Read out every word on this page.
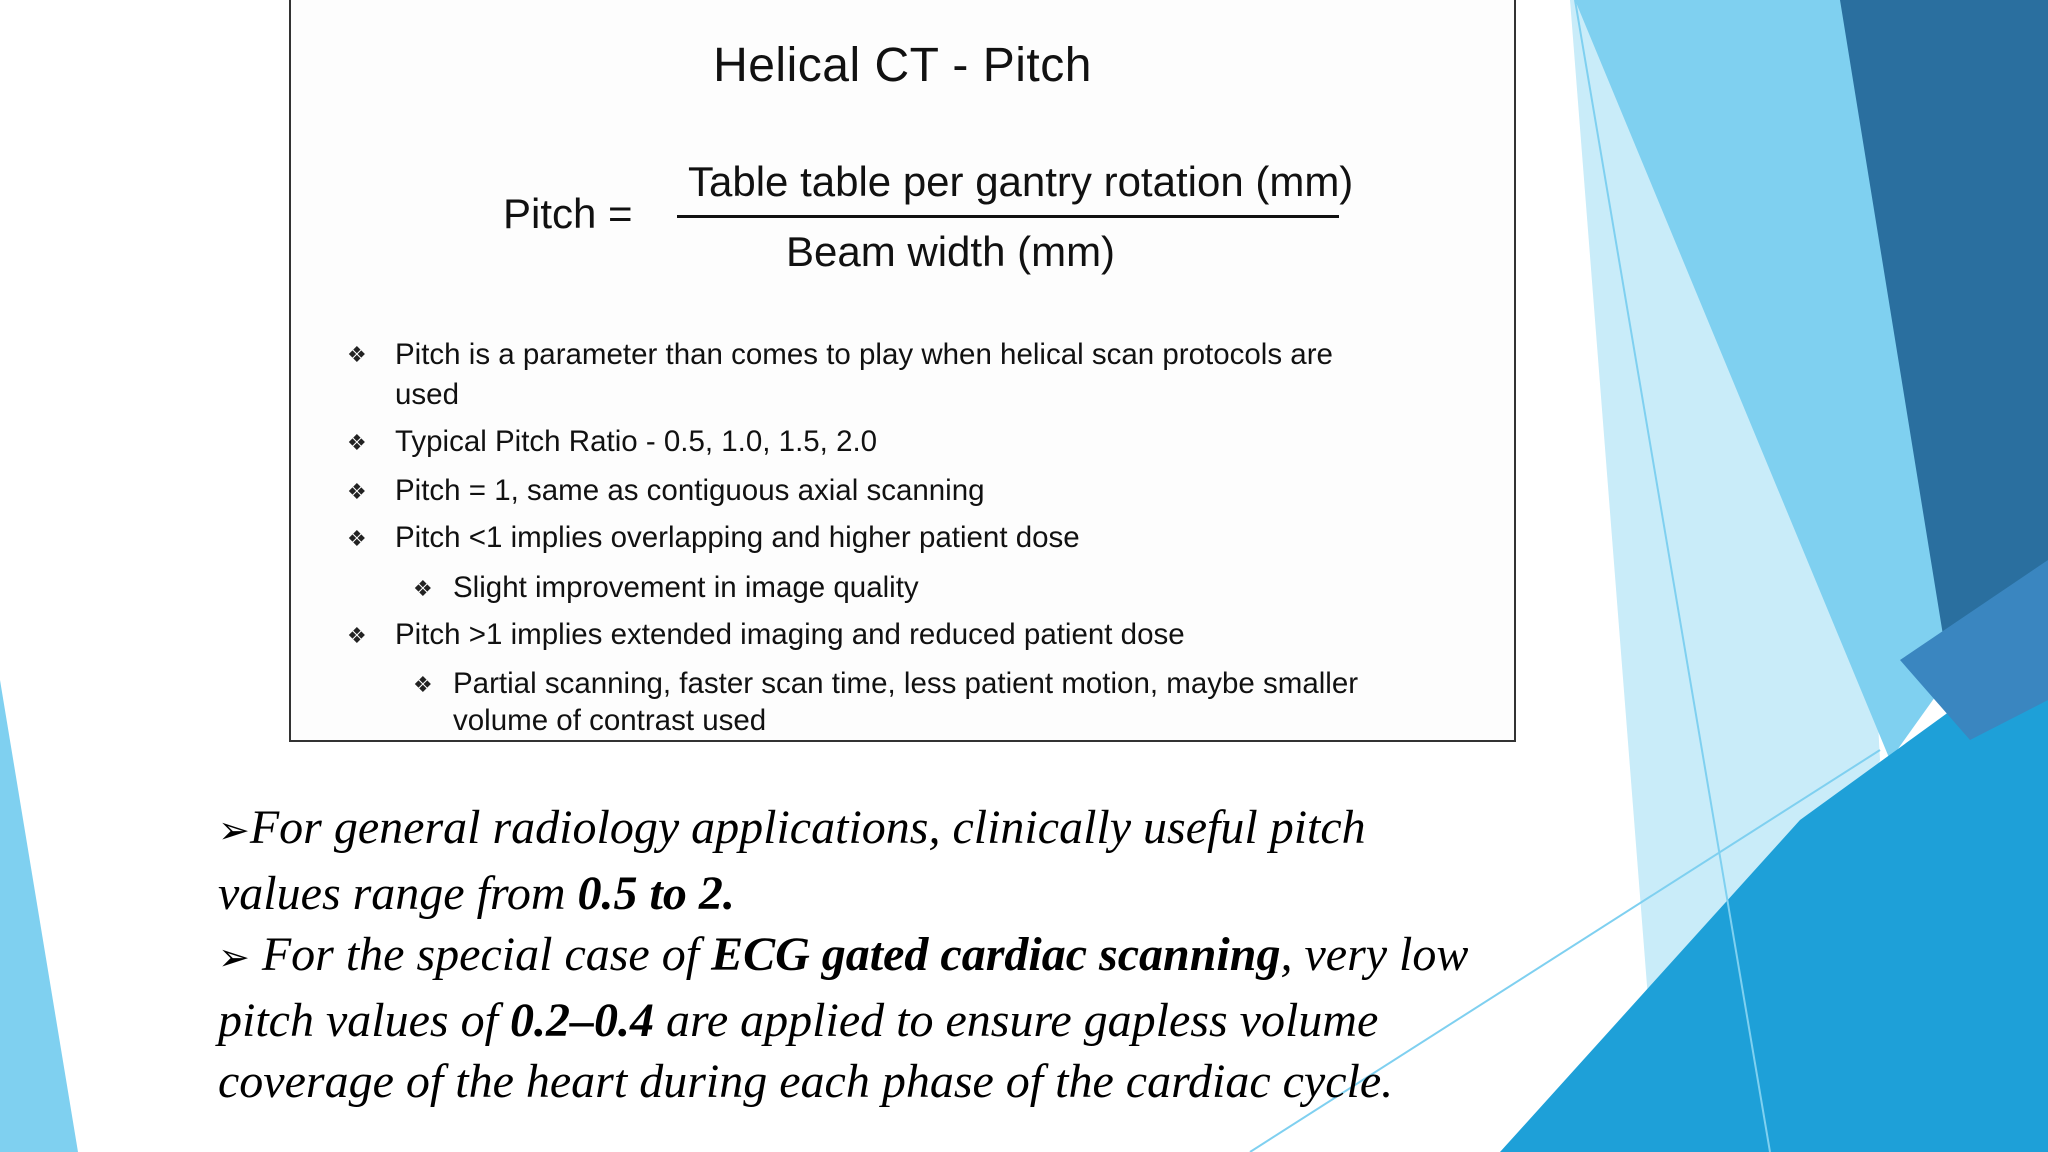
Helical CT - Pitch
Pitch =
Table table per gantry rotation (mm)
Beam width (mm)
❖ Pitch is a parameter than comes to play when helical scan protocols are
used
❖ Typical Pitch Ratio - 0.5, 1.0, 1.5, 2.0
❖ Pitch = 1, same as contiguous axial scanning
❖ Pitch <1 implies overlapping and higher patient dose
❖ Slight improvement in image quality
❖ Pitch >1 implies extended imaging and reduced patient dose
❖ Partial scanning, faster scan time, less patient motion, maybe smaller
volume of contrast used

➢For general radiology applications, clinically useful pitch

values range from 0.5 to 2.

➢ For the special case of ECG gated cardiac scanning, very low

pitch values of 0.2–0.4 are applied to ensure gapless volume

coverage of the heart during each phase of the cardiac cycle.
